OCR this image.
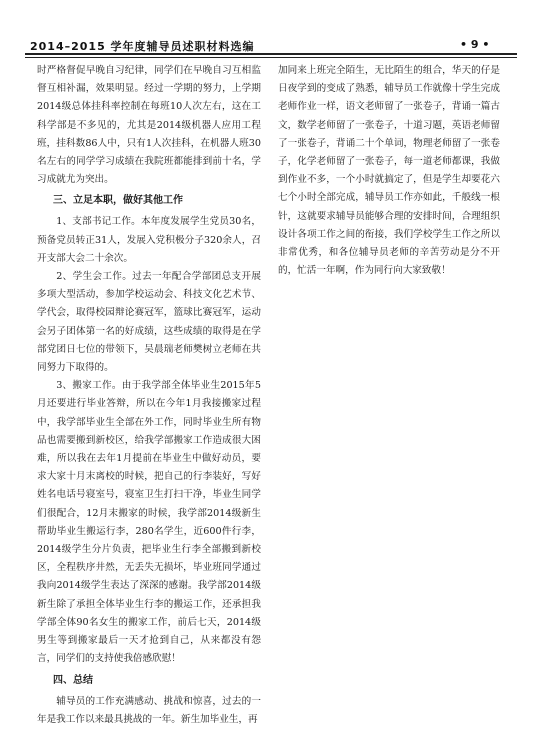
2014–2015 学年度辅导员述职材料选编	• 9 •

时严格督促早晚自习纪律，同学们在早晚自习互相监督互相补漏，效果明显。经过一学期的努力，上学期2014级总体挂科率控制在每班10人次左右，这在工科学部是不多见的，尤其是2014级机器人应用工程班，挂科数86人中，只有1人次挂科，在机器人班30名左右的同学学习成绩在我院班都能排到前十名，学习成就尤为突出。

三、立足本职，做好其他工作

1、支部书记工作。本年度发展学生党员30名，预备党员转正31人，发展入党积极分子320余人，召开支部大会二十余次。

2、学生会工作。过去一年配合学部团总支开展多项大型活动，参加学校运动会、科技文化艺术节、学代会，取得校园辩论赛冠军，篮球比赛冠军，运动会另子团体第一名的好成绩，这些成绩的取得是在学部党团日七位的带领下，吴晨瑞老师樊树立老师在共同努力下取得的。

3、搬家工作。由于我学部全体毕业生2015年5月还要进行毕业答辩，所以在今年1月我接搬家过程中，我学部毕业生全部在外工作，同时毕业生所有物品也需要搬到新校区，给我学部搬家工作造成很大困难，所以我在去年1月提前在毕业生中做好动员，要求大家十月末离校的时候，把自己的行李装好，写好姓名电话号寝室号，寝室卫生打扫干净，毕业生同学们很配合，12月末搬家的时候，我学部2014级新生帮助毕业生搬运行李，280名学生，近600件行李，2014级学生分片负责，把毕业生行李全部搬到新校区，全程秩序井然，无丢失无损坏，毕业班同学通过我向2014级学生表达了深深的感谢。我学部2014级新生除了承担全体毕业生行李的搬运工作，还承担我学部全体90名女生的搬家工作，前后七天，2014级男生等到搬家最后一天才抢到自己，从来都没有怨言，同学们的支持使我倍感欣慰！

四、总结

辅导员的工作充满感动、挑战和惊喜，过去的一年是我工作以来最具挑战的一年。新生加毕业生，再

加同来上班完全陌生，无比陌生的组合，华天的仔是日夜学到的变成了熟悉，辅导员工作就像十学生完成老师作业一样，语文老师留了一张卷子，背诵一篇古文，数学老师留了一张卷子，十道习题，英语老师留了一张卷子，背诵二十个单词，物理老师留了一张卷子，化学老师留了一张卷子，每一道老师都课，我做到作业不多，一个小时就搞定了，但是学生却要花六七个小时全部完成，辅导员工作亦如此，千般线一根针，这就要求辅导员能够合理的安排时间，合理组织设计各项工作之间的衔接，我们学校学生工作之所以非常优秀，和各位辅导员老师的辛苦劳动是分不开的，忙活一年啊，作为同行向大家致敬！
